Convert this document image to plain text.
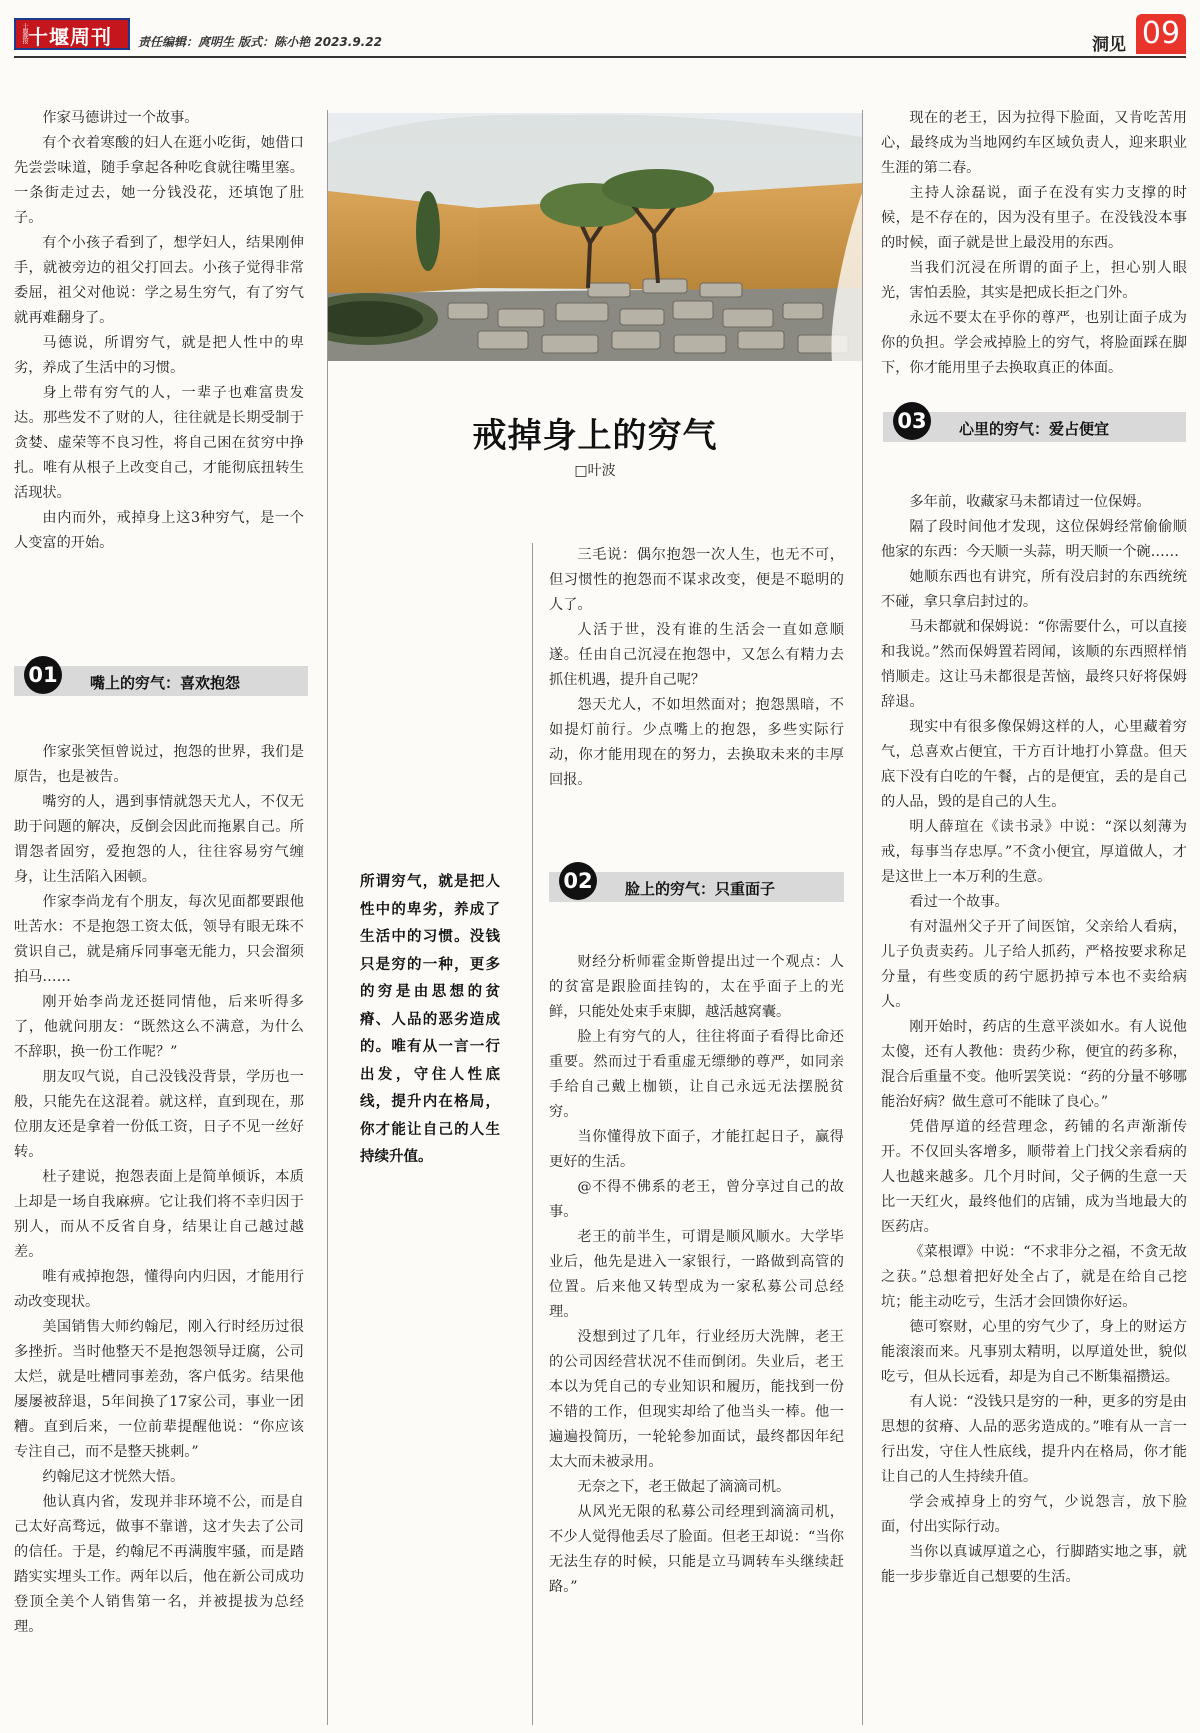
十堰晚报 十堰周刊 责任编辑：庹明生 版式：陈小艳 2023.9.22	洞见 09

作家马德讲过一个故事。

有个衣着寒酸的妇人在逛小吃街，她借口先尝尝味道，随手拿起各种吃食就往嘴里塞。一条街走过去，她一分钱没花，还填饱了肚子。

有个小孩子看到了，想学妇人，结果刚伸手，就被旁边的祖父打回去。小孩子觉得非常委屈，祖父对他说：学之易生穷气，有了穷气就再难翻身了。

马德说，所谓穷气，就是把人性中的卑劣，养成了生活中的习惯。

身上带有穷气的人，一辈子也难富贵发达。那些发不了财的人，往往就是长期受制于贪婪、虚荣等不良习性，将自己困在贫穷中挣扎。唯有从根子上改变自己，才能彻底扭转生活现状。

由内而外，戒掉身上这3种穷气，是一个人变富的开始。

01 嘴上的穷气：喜欢抱怨

作家张笑恒曾说过，抱怨的世界，我们是原告，也是被告。

嘴穷的人，遇到事情就怨天尤人，不仅无助于问题的解决，反倒会因此而拖累自己。所谓怨者固穷，爱抱怨的人，往往容易穷气缠身，让生活陷入困顿。

作家李尚龙有个朋友，每次见面都要跟他吐苦水：不是抱怨工资太低，领导有眼无珠不赏识自己，就是痛斥同事毫无能力，只会溜须拍马……

刚开始李尚龙还挺同情他，后来听得多了，他就问朋友：“既然这么不满意，为什么不辞职，换一份工作呢？”

朋友叹气说，自己没钱没背景，学历也一般，只能先在这混着。就这样，直到现在，那位朋友还是拿着一份低工资，日子不见一丝好转。

杜子建说，抱怨表面上是简单倾诉，本质上却是一场自我麻痹。它让我们将不幸归因于别人，而从不反省自身，结果让自己越过越差。

唯有戒掉抱怨，懂得向内归因，才能用行动改变现状。

美国销售大师约翰尼，刚入行时经历过很多挫折。当时他整天不是抱怨领导迂腐，公司太烂，就是吐槽同事差劲，客户低劣。结果他屡屡被辞退，5年间换了17家公司，事业一团糟。直到后来，一位前辈提醒他说：“你应该专注自己，而不是整天挑刺。”

约翰尼这才恍然大悟。

他认真内省，发现并非环境不公，而是自己太好高骛远，做事不靠谱，这才失去了公司的信任。于是，约翰尼不再满腹牢骚，而是踏踏实实埋头工作。两年以后，他在新公司成功登顶全美个人销售第一名，并被提拔为总经理。

戒掉身上的穷气
□叶波
所谓穷气，就是把人性中的卑劣，养成了生活中的习惯。没钱只是穷的一种，更多的穷是由思想的贫瘠、人品的恶劣造成的。唯有从一言一行出发，守住人性底线，提升内在格局，你才能让自己的人生持续升值。

三毛说：偶尔抱怨一次人生，也无不可，但习惯性的抱怨而不谋求改变，便是不聪明的人了。

人活于世，没有谁的生活会一直如意顺遂。任由自己沉浸在抱怨中，又怎么有精力去抓住机遇，提升自己呢？

怨天尤人，不如坦然面对；抱怨黑暗，不如提灯前行。少点嘴上的抱怨，多些实际行动，你才能用现在的努力，去换取未来的丰厚回报。

02 脸上的穷气：只重面子

财经分析师霍金斯曾提出过一个观点：人的贫富是跟脸面挂钩的，太在乎面子上的光鲜，只能处处束手束脚，越活越窝囊。

脸上有穷气的人，往往将面子看得比命还重要。然而过于看重虚无缥缈的尊严，如同亲手给自己戴上枷锁，让自己永远无法摆脱贫穷。

当你懂得放下面子，才能扛起日子，赢得更好的生活。

@不得不佛系的老王，曾分享过自己的故事。

老王的前半生，可谓是顺风顺水。大学毕业后，他先是进入一家银行，一路做到高管的位置。后来他又转型成为一家私募公司总经理。

没想到过了几年，行业经历大洗牌，老王的公司因经营状况不佳而倒闭。失业后，老王本以为凭自己的专业知识和履历，能找到一份不错的工作，但现实却给了他当头一棒。他一遍遍投简历，一轮轮参加面试，最终都因年纪太大而未被录用。

无奈之下，老王做起了滴滴司机。

从风光无限的私募公司经理到滴滴司机，不少人觉得他丢尽了脸面。但老王却说：“当你无法生存的时候，只能是立马调转车头继续赶路。”

现在的老王，因为拉得下脸面，又肯吃苦用心，最终成为当地网约车区域负责人，迎来职业生涯的第二春。

主持人涂磊说，面子在没有实力支撑的时候，是不存在的，因为没有里子。在没钱没本事的时候，面子就是世上最没用的东西。

当我们沉浸在所谓的面子上，担心别人眼光，害怕丢脸，其实是把成长拒之门外。

永远不要太在乎你的尊严，也别让面子成为你的负担。学会戒掉脸上的穷气，将脸面踩在脚下，你才能用里子去换取真正的体面。

03 心里的穷气：爱占便宜

多年前，收藏家马未都请过一位保姆。

隔了段时间他才发现，这位保姆经常偷偷顺他家的东西：今天顺一头蒜，明天顺一个碗……

她顺东西也有讲究，所有没启封的东西统统不碰，拿只拿启封过的。

马未都就和保姆说：“你需要什么，可以直接和我说。”然而保姆置若罔闻，该顺的东西照样悄悄顺走。这让马未都很是苦恼，最终只好将保姆辞退。

现实中有很多像保姆这样的人，心里藏着穷气，总喜欢占便宜，干方百计地打小算盘。但天底下没有白吃的午餐，占的是便宜，丢的是自己的人品，毁的是自己的人生。

明人薛瑄在《读书录》中说：“深以刻薄为戒，每事当存忠厚。”不贪小便宜，厚道做人，才是这世上一本万利的生意。

看过一个故事。

有对温州父子开了间医馆，父亲给人看病，儿子负责卖药。儿子给人抓药，严格按要求称足分量，有些变质的药宁愿扔掉亏本也不卖给病人。

刚开始时，药店的生意平淡如水。有人说他太傻，还有人教他：贵药少称，便宜的药多称，混合后重量不变。他听罢笑说：“药的分量不够哪能治好病？做生意可不能昧了良心。”

凭借厚道的经营理念，药铺的名声渐渐传开。不仅回头客增多，顺带着上门找父亲看病的人也越来越多。几个月时间，父子俩的生意一天比一天红火，最终他们的店铺，成为当地最大的医药店。

《菜根谭》中说：“不求非分之福，不贪无故之获。”总想着把好处全占了，就是在给自己挖坑；能主动吃亏，生活才会回馈你好运。

德可察财，心里的穷气少了，身上的财运方能滚滚而来。凡事别太精明，以厚道处世，貌似吃亏，但从长远看，却是为自己不断集福攒运。

有人说：“没钱只是穷的一种，更多的穷是由思想的贫瘠、人品的恶劣造成的。”唯有从一言一行出发，守住人性底线，提升内在格局，你才能让自己的人生持续升值。

学会戒掉身上的穷气，少说怨言，放下脸面，付出实际行动。

当你以真诚厚道之心，行脚踏实地之事，就能一步步靠近自己想要的生活。
